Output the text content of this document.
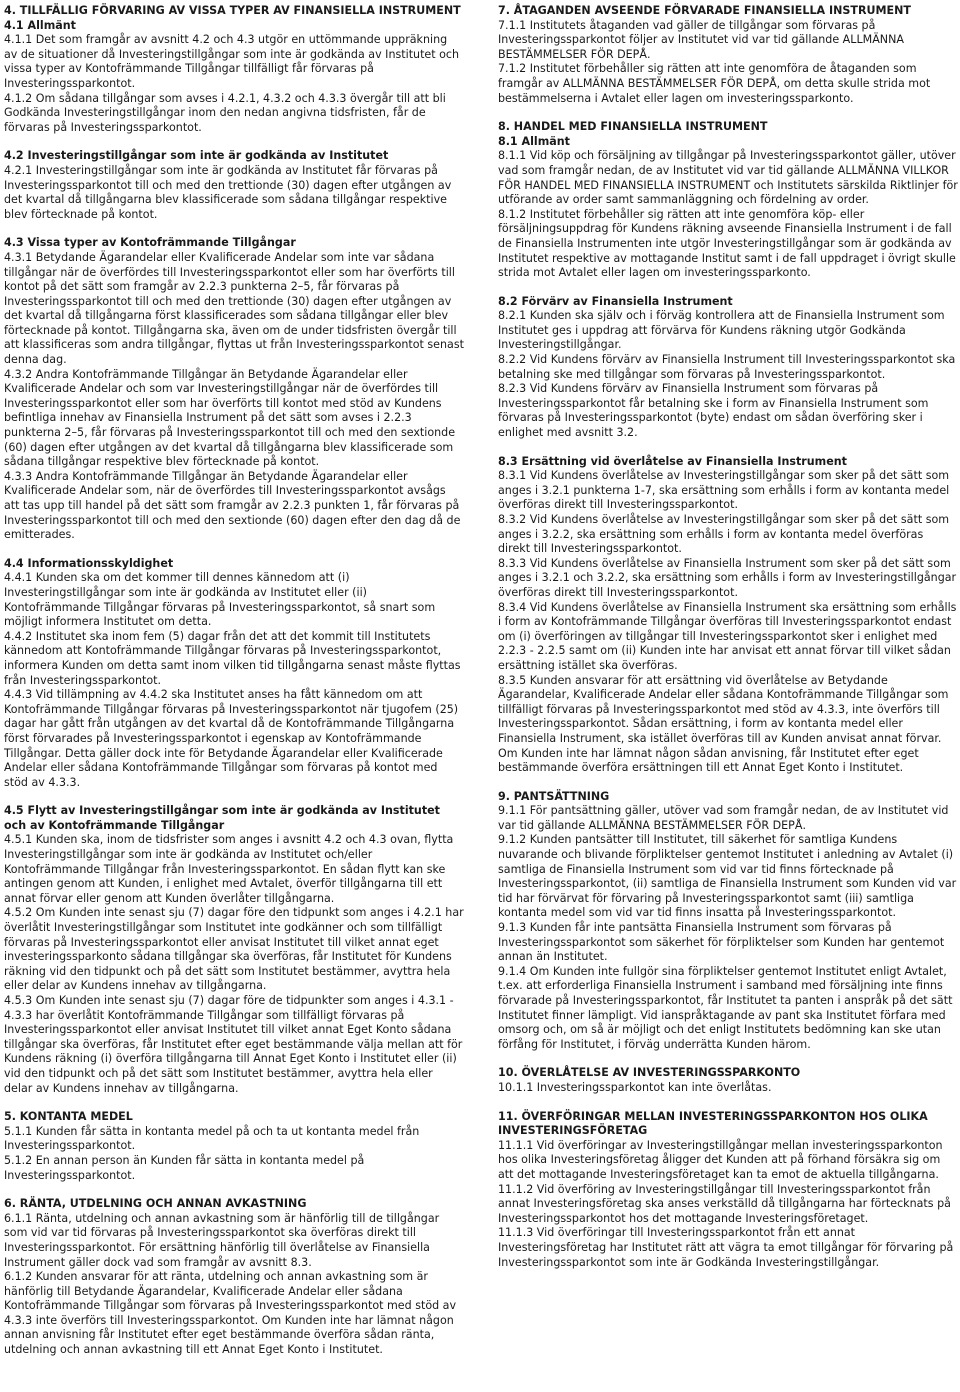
4. TILLFÄLLIG FÖRVARING AV VISSA TYPER AV FINANSIELLA INSTRUMENT
4.1 Allmänt
4.1.1 Det som framgår av avsnitt 4.2 och 4.3 utgör en uttömmande uppräkning av de situationer då Investeringstillgångar som inte är godkända av Institutet och vissa typer av Kontofrämmande Tillgångar tillfälligt får förvaras på Investeringssparkontot.
4.1.2 Om sådana tillgångar som avses i 4.2.1, 4.3.2 och 4.3.3 övergår till att bli Godkända Investeringstillgångar inom den nedan angivna tidsfristen, får de förvaras på Investeringssparkontot.
4.2 Investeringstillgångar som inte är godkända av Institutet
4.2.1 Investeringstillgångar som inte är godkända av Institutet får förvaras på Investeringssparkontot till och med den trettionde (30) dagen efter utgången av det kvartal då tillgångarna blev klassificerade som sådana tillgångar respektive blev förtecknade på kontot.
4.3 Vissa typer av Kontofrämmande Tillgångar
4.3.1 Betydande Ägarandelar eller Kvalificerade Andelar som inte var sådana tillgångar när de överfördes till Investeringssparkontot eller som har överförts till kontot på det sätt som framgår av 2.2.3 punkterna 2–5, får förvaras på Investeringssparkontot till och med den trettionde (30) dagen efter utgången av det kvartal då tillgångarna först klassificerades som sådana tillgångar eller blev förtecknade på kontot. Tillgångarna ska, även om de under tidsfristen övergår till att klassificeras som andra tillgångar, flyttas ut från Investeringssparkontot senast denna dag.
4.3.2 Andra Kontofrämmande Tillgångar än Betydande Ägarandelar eller Kvalificerade Andelar och som var Investeringstillgångar när de överfördes till Investeringssparkontot eller som har överförts till kontot med stöd av Kundens befintliga innehav av Finansiella Instrument på det sätt som avses i 2.2.3 punkterna 2–5, får förvaras på Investeringssparkontot till och med den sextionde (60) dagen efter utgången av det kvartal då tillgångarna blev klassificerade som sådana tillgångar respektive blev förtecknade på kontot.
4.3.3 Andra Kontofrämmande Tillgångar än Betydande Ägarandelar eller Kvalificerade Andelar som, när de överfördes till Investeringssparkontot avsågs att tas upp till handel på det sätt som framgår av 2.2.3 punkten 1, får förvaras på Investeringssparkontot till och med den sextionde (60) dagen efter den dag då de emitterades.
4.4 Informationsskyldighet
4.4.1 Kunden ska om det kommer till dennes kännedom att (i) Investeringstillgångar som inte är godkända av Institutet eller (ii) Kontofrämmande Tillgångar förvaras på Investeringssparkontot, så snart som möjligt informera Institutet om detta.
4.4.2 Institutet ska inom fem (5) dagar från det att det kommit till Institutets kännedom att Kontofrämmande Tillgångar förvaras på Investeringssparkontot, informera Kunden om detta samt inom vilken tid tillgångarna senast måste flyttas från Investeringssparkontot.
4.4.3 Vid tillämpning av 4.4.2 ska Institutet anses ha fått kännedom om att Kontofrämmande Tillgångar förvaras på Investeringssparkontot när tjugofem (25) dagar har gått från utgången av det kvartal då de Kontofrämmande Tillgångarna först förvarades på Investeringssparkontot i egenskap av Kontofrämmande Tillgångar. Detta gäller dock inte för Betydande Ägarandelar eller Kvalificerade Andelar eller sådana Kontofrämmande Tillgångar som förvaras på kontot med stöd av 4.3.3.
4.5 Flytt av Investeringstillgångar som inte är godkända av Institutet och av Kontofrämmande Tillgångar
4.5.1 Kunden ska, inom de tidsfrister som anges i avsnitt 4.2 och 4.3 ovan, flytta Investeringstillgångar som inte är godkända av Institutet och/eller Kontofrämmande Tillgångar från Investeringssparkontot. En sådan flytt kan ske antingen genom att Kunden, i enlighet med Avtalet, överför tillgångarna till ett annat förvar eller genom att Kunden överlåter tillgångarna.
4.5.2 Om Kunden inte senast sju (7) dagar före den tidpunkt som anges i 4.2.1 har överlåtit Investeringstillgångar som Institutet inte godkänner och som tillfälligt förvaras på Investeringssparkontot eller anvisat Institutet till vilket annat eget investeringssparkonto sådana tillgångar ska överföras, får Institutet för Kundens räkning vid den tidpunkt och på det sätt som Institutet bestämmer, avyttra hela eller delar av Kundens innehav av tillgångarna.
4.5.3 Om Kunden inte senast sju (7) dagar före de tidpunkter som anges i 4.3.1 - 4.3.3 har överlåtit Kontofrämmande Tillgångar som tillfälligt förvaras på Investeringssparkontot eller anvisat Institutet till vilket annat Eget Konto sådana tillgångar ska överföras, får Institutet efter eget bestämmande välja mellan att för Kundens räkning (i) överföra tillgångarna till Annat Eget Konto i Institutet eller (ii) vid den tidpunkt och på det sätt som Institutet bestämmer, avyttra hela eller delar av Kundens innehav av tillgångarna.
5. KONTANTA MEDEL
5.1.1 Kunden får sätta in kontanta medel på och ta ut kontanta medel från Investeringssparkontot.
5.1.2 En annan person än Kunden får sätta in kontanta medel på Investeringssparkontot.
6. RÄNTA, UTDELNING OCH ANNAN AVKASTNING
6.1.1 Ränta, utdelning och annan avkastning som är hänförlig till de tillgångar som vid var tid förvaras på Investeringssparkontot ska överföras direkt till Investeringssparkontot. För ersättning hänförlig till överlåtelse av Finansiella Instrument gäller dock vad som framgår av avsnitt 8.3.
6.1.2 Kunden ansvarar för att ränta, utdelning och annan avkastning som är hänförlig till Betydande Ägarandelar, Kvalificerade Andelar eller sådana Kontofrämmande Tillgångar som förvaras på Investeringssparkontot med stöd av 4.3.3 inte överförs till Investeringssparkontot. Om Kunden inte har lämnat någon annan anvisning får Institutet efter eget bestämmande överföra sådan ränta, utdelning och annan avkastning till ett Annat Eget Konto i Institutet.
7. ÅTAGANDEN AVSEENDE FÖRVARADE FINANSIELLA INSTRUMENT
7.1.1 Institutets åtaganden vad gäller de tillgångar som förvaras på Investeringssparkontot följer av Institutet vid var tid gällande ALLMÄNNA BESTÄMMELSER FÖR DEPÅ.
7.1.2 Institutet förbehåller sig rätten att inte genomföra de åtaganden som framgår av ALLMÄNNA BESTÄMMELSER FÖR DEPÅ, om detta skulle strida mot bestämmelserna i Avtalet eller lagen om investeringssparkonto.
8. HANDEL MED FINANSIELLA INSTRUMENT
8.1 Allmänt
8.1.1 Vid köp och försäljning av tillgångar på Investeringssparkontot gäller, utöver vad som framgår nedan, de av Institutet vid var tid gällande ALLMÄNNA VILLKOR FÖR HANDEL MED FINANSIELLA INSTRUMENT och Institutets särskilda Riktlinjer för utförande av order samt sammanläggning och fördelning av order.
8.1.2 Institutet förbehåller sig rätten att inte genomföra köp- eller försäljningsuppdrag för Kundens räkning avseende Finansiella Instrument i de fall de Finansiella Instrumenten inte utgör Investeringstillgångar som är godkända av Institutet respektive av mottagande Institut samt i de fall uppdraget i övrigt skulle strida mot Avtalet eller lagen om investeringssparkonto.
8.2 Förvärv av Finansiella Instrument
8.2.1 Kunden ska själv och i förväg kontrollera att de Finansiella Instrument som Institutet ges i uppdrag att förvärva för Kundens räkning utgör Godkända Investeringstillgångar.
8.2.2 Vid Kundens förvärv av Finansiella Instrument till Investeringssparkontot ska betalning ske med tillgångar som förvaras på Investeringssparkontot.
8.2.3 Vid Kundens förvärv av Finansiella Instrument som förvaras på Investeringssparkontot får betalning ske i form av Finansiella Instrument som förvaras på Investeringssparkontot (byte) endast om sådan överföring sker i enlighet med avsnitt 3.2.
8.3 Ersättning vid överlåtelse av Finansiella Instrument
8.3.1 Vid Kundens överlåtelse av Investeringstillgångar som sker på det sätt som anges i 3.2.1 punkterna 1-7, ska ersättning som erhålls i form av kontanta medel överföras direkt till Investeringssparkontot.
8.3.2 Vid Kundens överlåtelse av Investeringstillgångar som sker på det sätt som anges i 3.2.2, ska ersättning som erhålls i form av kontanta medel överföras direkt till Investeringssparkontot.
8.3.3 Vid Kundens överlåtelse av Finansiella Instrument som sker på det sätt som anges i 3.2.1 och 3.2.2, ska ersättning som erhålls i form av Investeringstillgångar överföras direkt till Investeringssparkontot.
8.3.4 Vid Kundens överlåtelse av Finansiella Instrument ska ersättning som erhålls i form av Kontofrämmande Tillgångar överföras till Investeringssparkontot endast om (i) överföringen av tillgångar till Investeringssparkontot sker i enlighet med 2.2.3 - 2.2.5 samt om (ii) Kunden inte har anvisat ett annat förvar till vilket sådan ersättning istället ska överföras.
8.3.5 Kunden ansvarar för att ersättning vid överlåtelse av Betydande Ägarandelar, Kvalificerade Andelar eller sådana Kontofrämmande Tillgångar som tillfälligt förvaras på Investeringssparkontot med stöd av 4.3.3, inte överförs till Investeringssparkontot. Sådan ersättning, i form av kontanta medel eller Finansiella Instrument, ska istället överföras till av Kunden anvisat annat förvar. Om Kunden inte har lämnat någon sådan anvisning, får Institutet efter eget bestämmande överföra ersättningen till ett Annat Eget Konto i Institutet.
9. PANTSÄTTNING
9.1.1 För pantsättning gäller, utöver vad som framgår nedan, de av Institutet vid var tid gällande ALLMÄNNA BESTÄMMELSER FÖR DEPÅ.
9.1.2 Kunden pantsätter till Institutet, till säkerhet för samtliga Kundens nuvarande och blivande förpliktelser gentemot Institutet i anledning av Avtalet (i) samtliga de Finansiella Instrument som vid var tid finns förtecknade på Investeringssparkontot, (ii) samtliga de Finansiella Instrument som Kunden vid var tid har förvärvat för förvaring på Investeringssparkontot samt (iii) samtliga kontanta medel som vid var tid finns insatta på Investeringssparkontot.
9.1.3 Kunden får inte pantsätta Finansiella Instrument som förvaras på Investeringssparkontot som säkerhet för förpliktelser som Kunden har gentemot annan än Institutet.
9.1.4 Om Kunden inte fullgör sina förpliktelser gentemot Institutet enligt Avtalet, t.ex. att erforderliga Finansiella Instrument i samband med försäljning inte finns förvarade på Investeringssparkontot, får Institutet ta panten i anspråk på det sätt Institutet finner lämpligt. Vid ianspråktagande av pant ska Institutet förfara med omsorg och, om så är möjligt och det enligt Institutets bedömning kan ske utan förfång för Institutet, i förväg underrätta Kunden härom.
10. ÖVERLÅTELSE AV INVESTERINGSSPARKONTO
10.1.1 Investeringssparkontot kan inte överlåtas.
11. ÖVERFÖRINGAR MELLAN INVESTERINGSSPARKONTON HOS OLIKA INVESTERINGSFÖRETAG
11.1.1 Vid överföringar av Investeringstillgångar mellan investeringssparkonton hos olika Investeringsföretag åligger det Kunden att på förhand försäkra sig om att det mottagande Investeringsföretaget kan ta emot de aktuella tillgångarna.
11.1.2 Vid överföring av Investeringstillgångar till Investeringssparkontot från annat Investeringsföretag ska anses verkställd då tillgångarna har förtecknats på Investeringssparkontot hos det mottagande Investeringsföretaget.
11.1.3 Vid överföringar till Investeringssparkontot från ett annat Investeringsföretag har Institutet rätt att vägra ta emot tillgångar för förvaring på Investeringssparkontot som inte är Godkända Investeringstillgångar.
